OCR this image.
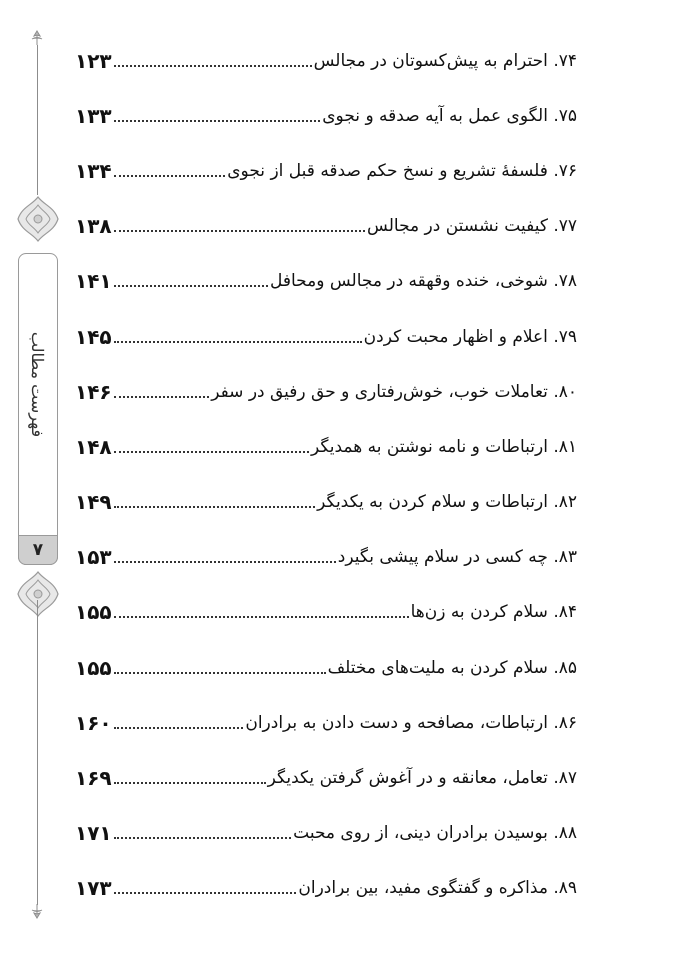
فهرست مطالب
۷
۱۲۳	۷۴. احترام به پیش‌کسوتان در مجالس
۱۳۳	۷۵. الگوی عمل به آیه صدقه و نجوی
۱۳۴	۷۶. فلسفهٔ تشریع و نسخ حکم صدقه قبل از نجوی
۱۳۸	۷۷. کیفیت نشستن در مجالس
۱۴۱	۷۸. شوخی، خنده وقهقه در مجالس ومحافل
۱۴۵	۷۹. اعلام و اظهار محبت کردن
۱۴۶	۸۰. تعاملات خوب، خوش‌رفتاری و حق رفیق در سفر
۱۴۸	۸۱. ارتباطات و نامه نوشتن به همدیگر
۱۴۹	۸۲. ارتباطات و سلام کردن به یکدیگر
۱۵۳	۸۳. چه کسی در سلام پیشی بگیرد
۱۵۵	۸۴. سلام کردن به زن‌ها
۱۵۵	۸۵. سلام کردن به ملیت‌های مختلف
۱۶۰	۸۶. ارتباطات، مصافحه و دست دادن به برادران
۱۶۹	۸۷. تعامل، معانقه و در آغوش گرفتن یکدیگر
۱۷۱	۸۸. بوسیدن برادران دینی، از روی محبت
۱۷۳	۸۹. مذاکره و گفتگوی مفید، بین برادران
